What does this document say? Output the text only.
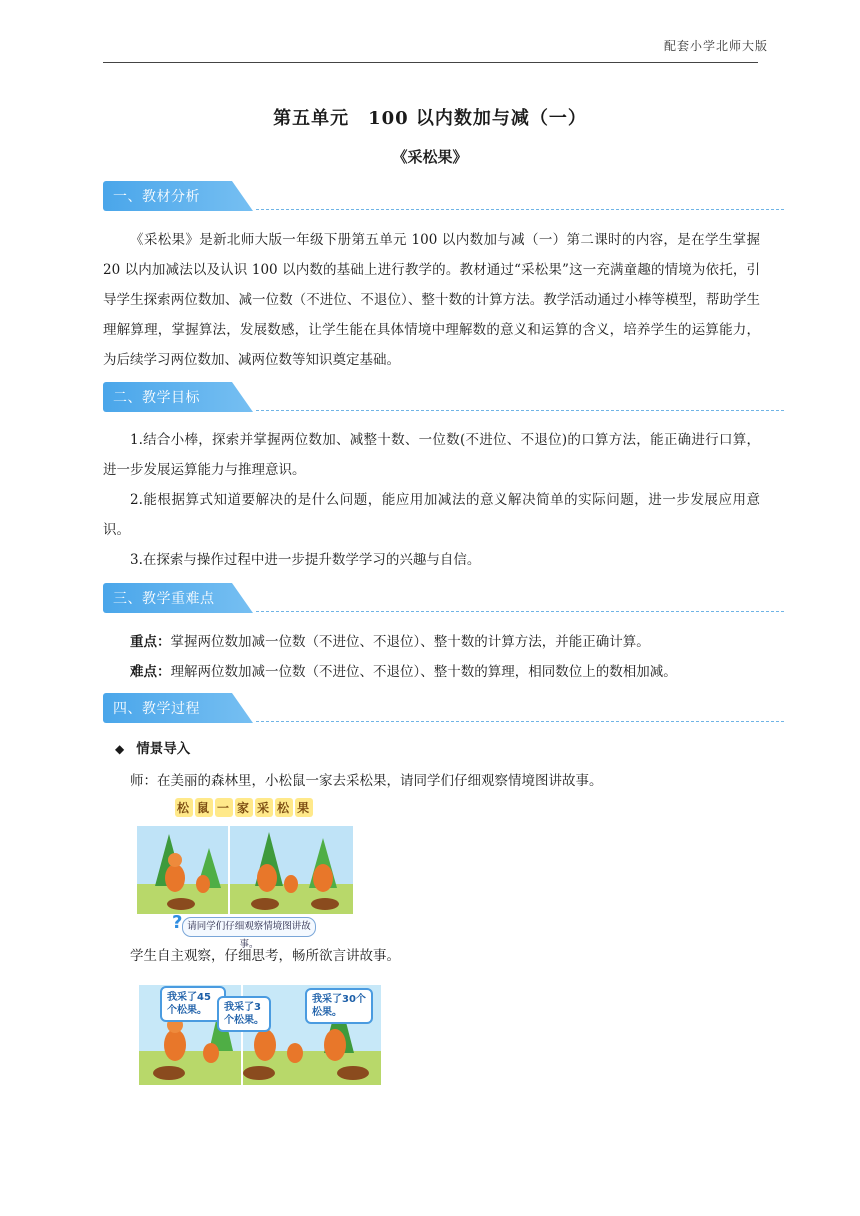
配套小学北师大版
第五单元　100 以内数加与减（一）
《采松果》
一、教材分析
《采松果》是新北师大版一年级下册第五单元 100 以内数加与减（一）第二课时的内容，是在学生掌握 20 以内加减法以及认识 100 以内数的基础上进行教学的。教材通过“采松果”这一充满童趣的情境为依托，引导学生探索两位数加、减一位数（不进位、不退位）、整十数的计算方法。教学活动通过小棒等模型，帮助学生理解算理，掌握算法，发展数感，让学生能在具体情境中理解数的意义和运算的含义，培养学生的运算能力，为后续学习两位数加、减两位数等知识奠定基础。
二、教学目标
1.结合小棒，探索并掌握两位数加、减整十数、一位数(不进位、不退位)的口算方法，能正确进行口算，进一步发展运算能力与推理意识。
2.能根据算式知道要解决的是什么问题，能应用加减法的意义解决简单的实际问题，进一步发展应用意识。
3.在探索与操作过程中进一步提升数学学习的兴趣与自信。
三、教学重难点
重点：掌握两位数加减一位数（不进位、不退位）、整十数的计算方法，并能正确计算。
难点：理解两位数加减一位数（不进位、不退位）、整十数的算理，相同数位上的数相加减。
四、教学过程
◆ 情景导入
师：在美丽的森林里，小松鼠一家去采松果，请同学们仔细观察情境图讲故事。
松 鼠 一 家 采 松 果
? 请同学们仔细观察情境图讲故事。
学生自主观察，仔细思考，畅所欲言讲故事。
我采了45个松果。	我采了3个松果。
我采了30个松果。
